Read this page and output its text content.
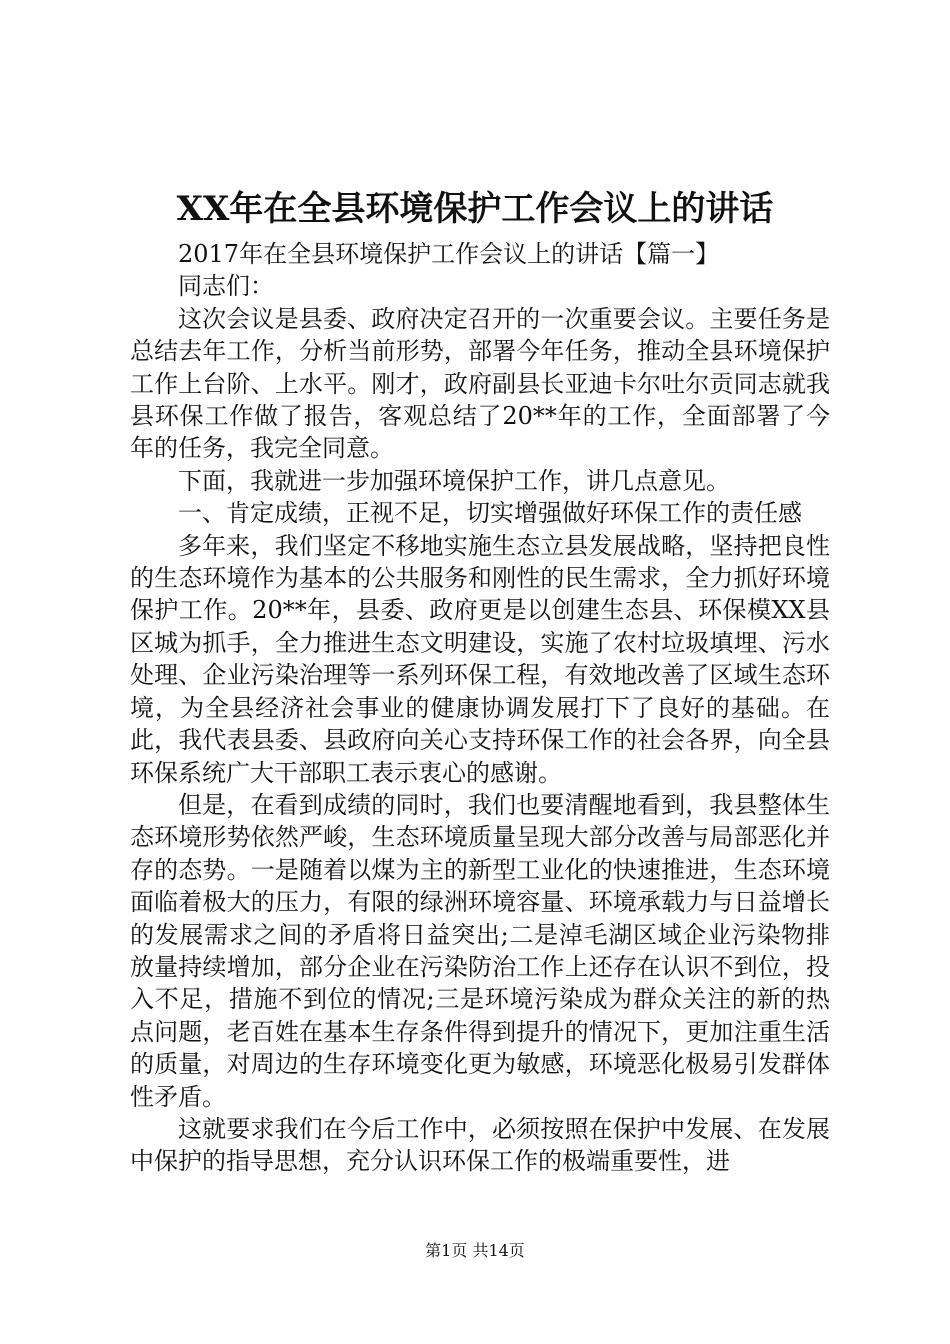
XX年在全县环境保护工作会议上的讲话

2017年在全县环境保护工作会议上的讲话【篇一】

同志们：

这次会议是县委、政府决定召开的一次重要会议。主要任务是总结去年工作，分析当前形势，部署今年任务，推动全县环境保护工作上台阶、上水平。刚才，政府副县长亚迪卡尔吐尔贡同志就我县环保工作做了报告，客观总结了20**年的工作，全面部署了今年的任务，我完全同意。

下面，我就进一步加强环境保护工作，讲几点意见。

一、肯定成绩，正视不足，切实增强做好环保工作的责任感

多年来，我们坚定不移地实施生态立县发展战略，坚持把良性的生态环境作为基本的公共服务和刚性的民生需求，全力抓好环境保护工作。20**年，县委、政府更是以创建生态县、环保模XX县区城为抓手，全力推进生态文明建设，实施了农村垃圾填埋、污水处理、企业污染治理等一系列环保工程，有效地改善了区域生态环境，为全县经济社会事业的健康协调发展打下了良好的基础。在此，我代表县委、县政府向关心支持环保工作的社会各界，向全县环保系统广大干部职工表示衷心的感谢。

但是，在看到成绩的同时，我们也要清醒地看到，我县整体生态环境形势依然严峻，生态环境质量呈现大部分改善与局部恶化并存的态势。一是随着以煤为主的新型工业化的快速推进，生态环境面临着极大的压力，有限的绿洲环境容量、环境承载力与日益增长的发展需求之间的矛盾将日益突出;二是淖毛湖区域企业污染物排放量持续增加，部分企业在污染防治工作上还存在认识不到位，投入不足，措施不到位的情况;三是环境污染成为群众关注的新的热点问题，老百姓在基本生存条件得到提升的情况下，更加注重生活的质量，对周边的生存环境变化更为敏感，环境恶化极易引发群体性矛盾。

这就要求我们在今后工作中，必须按照在保护中发展、在发展中保护的指导思想，充分认识环保工作的极端重要性，进

第1页 共14页
